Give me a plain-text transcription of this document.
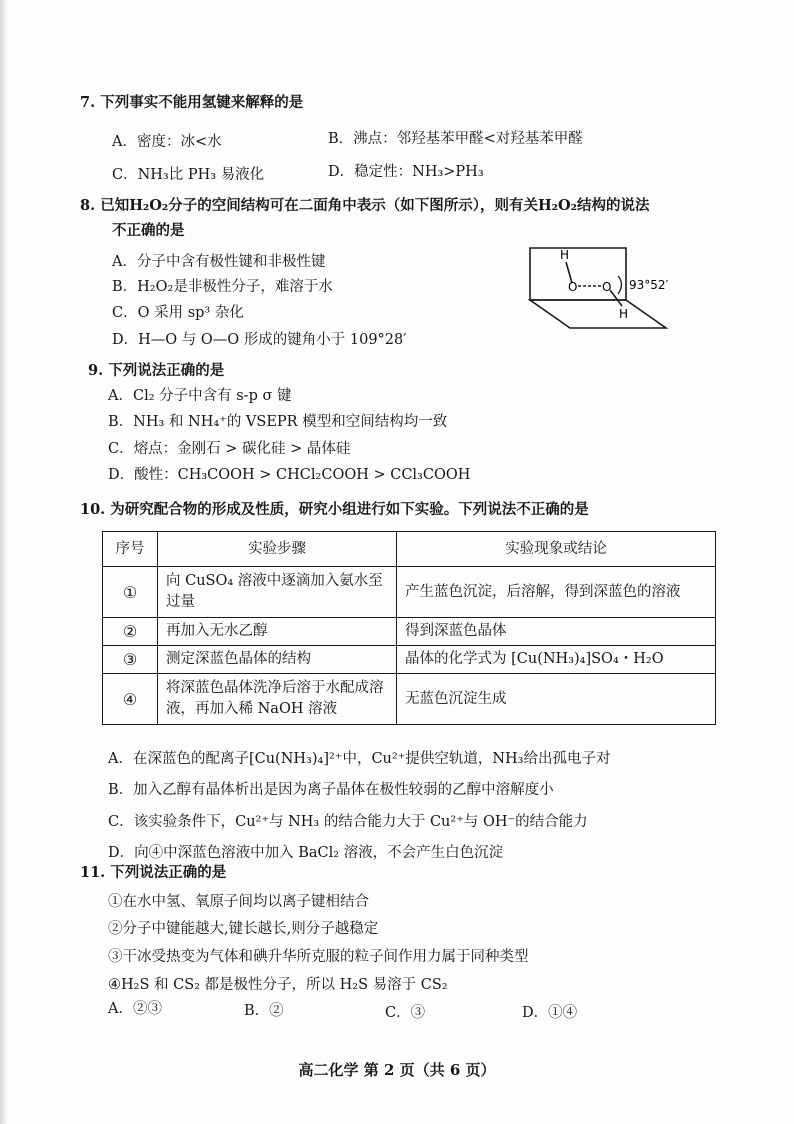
7. 下列事实不能用氢键来解释的是
A．密度：冰<水	B．沸点：邻羟基苯甲醛<对羟基苯甲醛
C．NH₃比 PH₃ 易液化	D．稳定性：NH₃>PH₃
8. 已知H₂O₂分子的空间结构可在二面角中表示（如下图所示），则有关H₂O₂结构的说法
不正确的是
A．分子中含有极性键和非极性键
B．H₂O₂是非极性分子，难溶于水
C．O 采用 sp³ 杂化
D．H—O 与 O—O 形成的键角小于 109°28′
H
O O
H
93°52′
9. 下列说法正确的是
A．Cl₂ 分子中含有 s-p σ 键
B．NH₃ 和 NH₄⁺的 VSEPR 模型和空间结构均一致
C．熔点：金刚石 > 碳化硅 > 晶体硅
D．酸性：CH₃COOH > CHCl₂COOH > CCl₃COOH
10. 为研究配合物的形成及性质，研究小组进行如下实验。下列说法不正确的是
序号	实验步骤	实验现象或结论
①	向 CuSO₄ 溶液中逐滴加入氨水至过量	产生蓝色沉淀，后溶解，得到深蓝色的溶液
②	再加入无水乙醇	得到深蓝色晶体
③	测定深蓝色晶体的结构	晶体的化学式为 [Cu(NH₃)₄]SO₄・H₂O
④	将深蓝色晶体洗净后溶于水配成溶液，再加入稀 NaOH 溶液	无蓝色沉淀生成
A．在深蓝色的配离子[Cu(NH₃)₄]²⁺中，Cu²⁺提供空轨道，NH₃给出孤电子对
B．加入乙醇有晶体析出是因为离子晶体在极性较弱的乙醇中溶解度小
C．该实验条件下，Cu²⁺与 NH₃ 的结合能力大于 Cu²⁺与 OH⁻的结合能力
D．向④中深蓝色溶液中加入 BaCl₂ 溶液，不会产生白色沉淀
11. 下列说法正确的是
①在水中氢、氧原子间均以离子键相结合
②分子中键能越大,键长越长,则分子越稳定
③干冰受热变为气体和碘升华所克服的粒子间作用力属于同种类型
④H₂S 和 CS₂ 都是极性分子，所以 H₂S 易溶于 CS₂
A．②③	B．②	C．③	D．①④
高二化学 第 2 页（共 6 页）
